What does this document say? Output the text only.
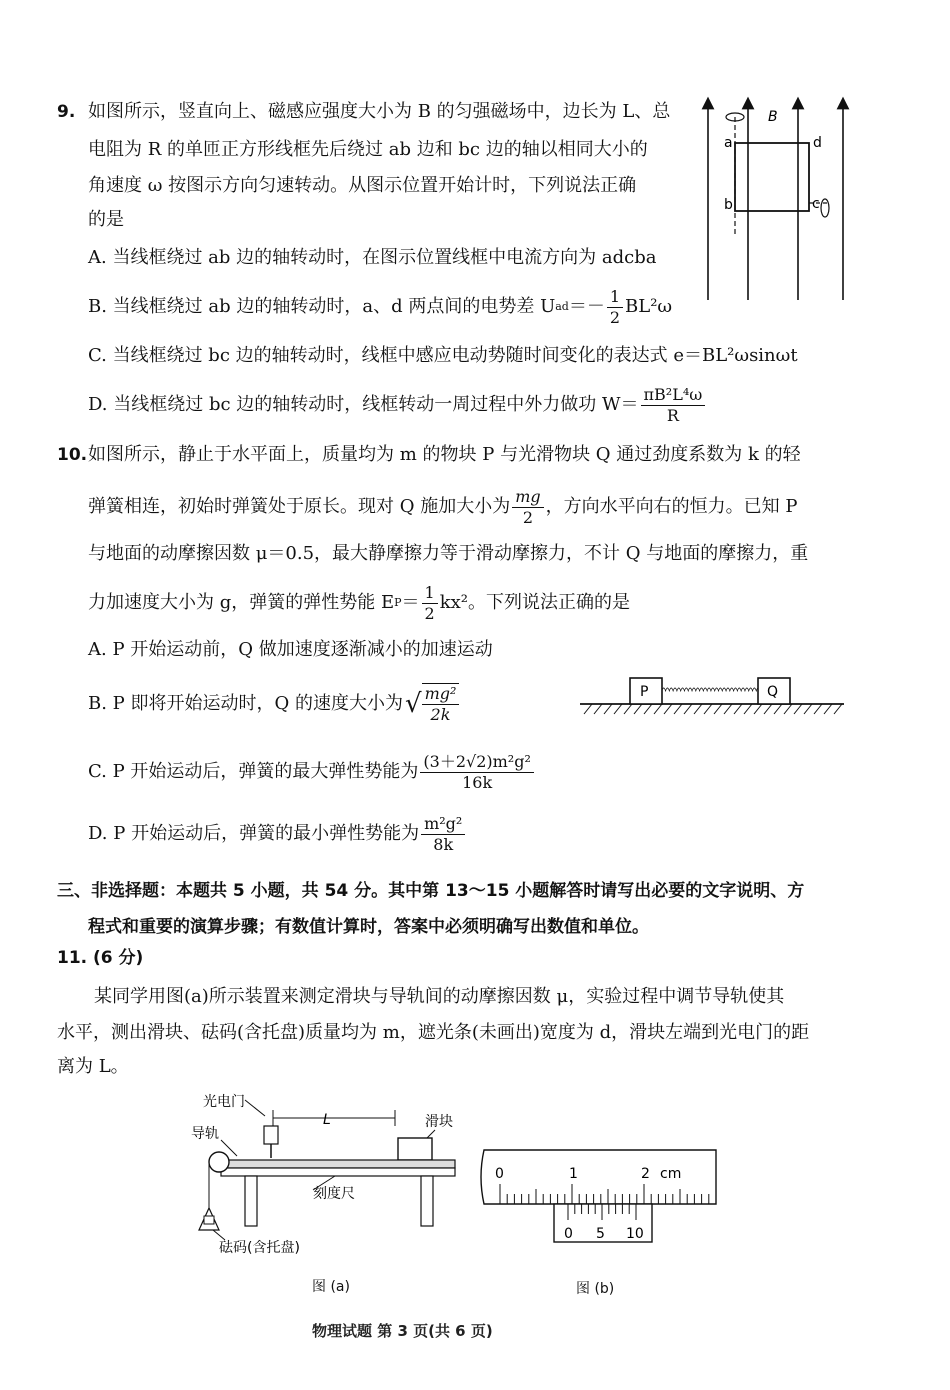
9. 如图所示，竖直向上、磁感应强度大小为 B 的匀强磁场中，边长为 L、总
电阻为 R 的单匝正方形线框先后绕过 ab 边和 bc 边的轴以相同大小的
角速度 ω 按图示方向匀速转动。从图示位置开始计时，下列说法正确
的是
A. 当线框绕过 ab 边的轴转动时，在图示位置线框中电流方向为 adcba
B. 当线框绕过 ab 边的轴转动时，a、d 两点间的电势差 U ad ＝－ $\frac{1}{2} BL^2\omega$
C. 当线框绕过 bc 边的轴转动时，线框中感应电动势随时间变化的表达式 e＝BL²ωsinωt
D. 当线框绕过 bc 边的轴转动时，线框转动一周过程中外力做功 $W= \frac{\text{πB²L⁴ω}}{R}$
B
a
b	c
d
10. 如图所示，静止于水平面上，质量均为 m 的物块 P 与光滑物块 Q 通过劲度系数为 k 的轻
弹簧相连，初始时弹簧处于原长。现对 Q 施加大小为 $\frac{mg}{2}$ ，方向水平向右的恒力。已知 P
与地面的动摩擦因数 μ＝0.5，最大静摩擦力等于滑动摩擦力，不计 Q 与地面的摩擦力，重
力加速度大小为 g，弹簧的弹性势能 E $P = \frac{1}{2} kx^2$。下列说法正确的是
A. P 开始运动前，Q 做加速度逐渐减小的加速运动
B. P 即将开始运动时，Q 的速度大小为 √ $\frac{\text{mg²}}{2k}$
C. P 开始运动后，弹簧的最大弹性势能为 $\frac{\text{(3＋2√2)m²g²}}{16k}$
D. P 开始运动后，弹簧的最小弹性势能为 $\frac{\text{m²g²}}{8k}$
P	Q
三、非选择题：本题共 5 小题，共 54 分。其中第 13～15 小题解答时请写出必要的文字说明、方
程式和重要的演算步骤；有数值计算时，答案中必须明确写出数值和单位。
11. (6 分)
某同学用图(a)所示装置来测定滑块与导轨间的动摩擦因数 μ，实验过程中调节导轨使其
水平，测出滑块、砝码(含托盘)质量均为 m，遮光条(未画出)宽度为 d，滑块左端到光电门的距
离为 L。
光电门
滑块
导轨
L
刻度尺
砝码(含托盘)
图 (a)
0	1	2 cm
0 5 10
图 (b)
物理试题 第 3 页(共 6 页)
